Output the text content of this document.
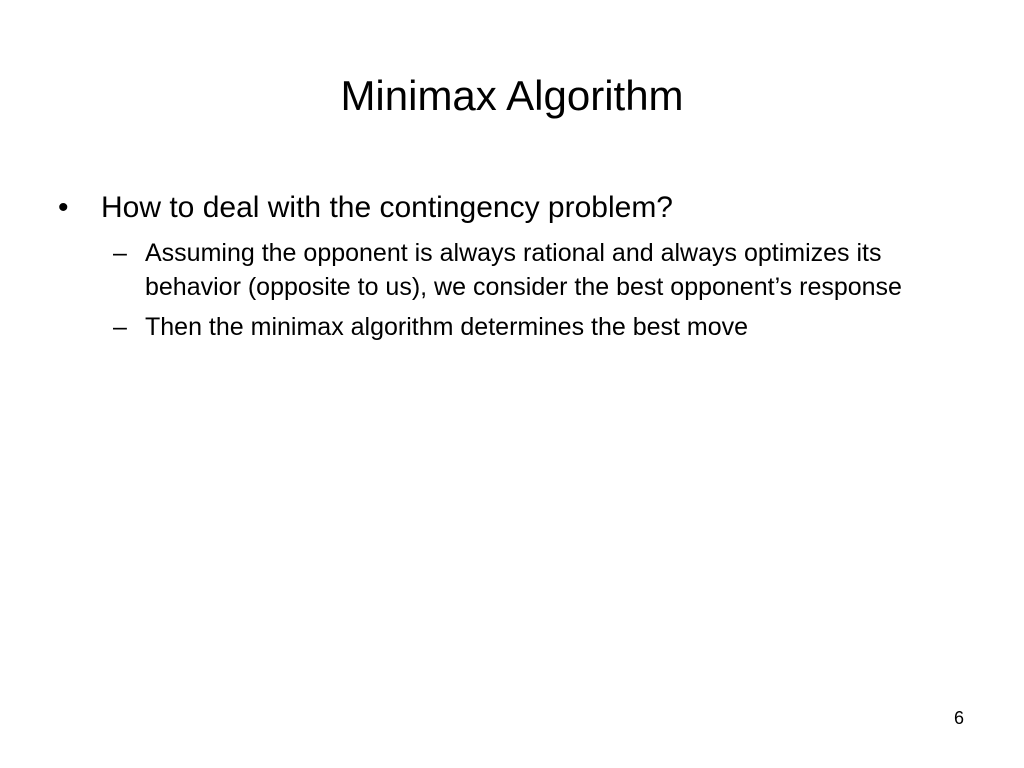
Minimax Algorithm
• How to deal with the contingency problem?
– Assuming the opponent is always rational and always optimizes its behavior (opposite to us), we consider the best opponent’s response
– Then the minimax algorithm determines the best move
6
